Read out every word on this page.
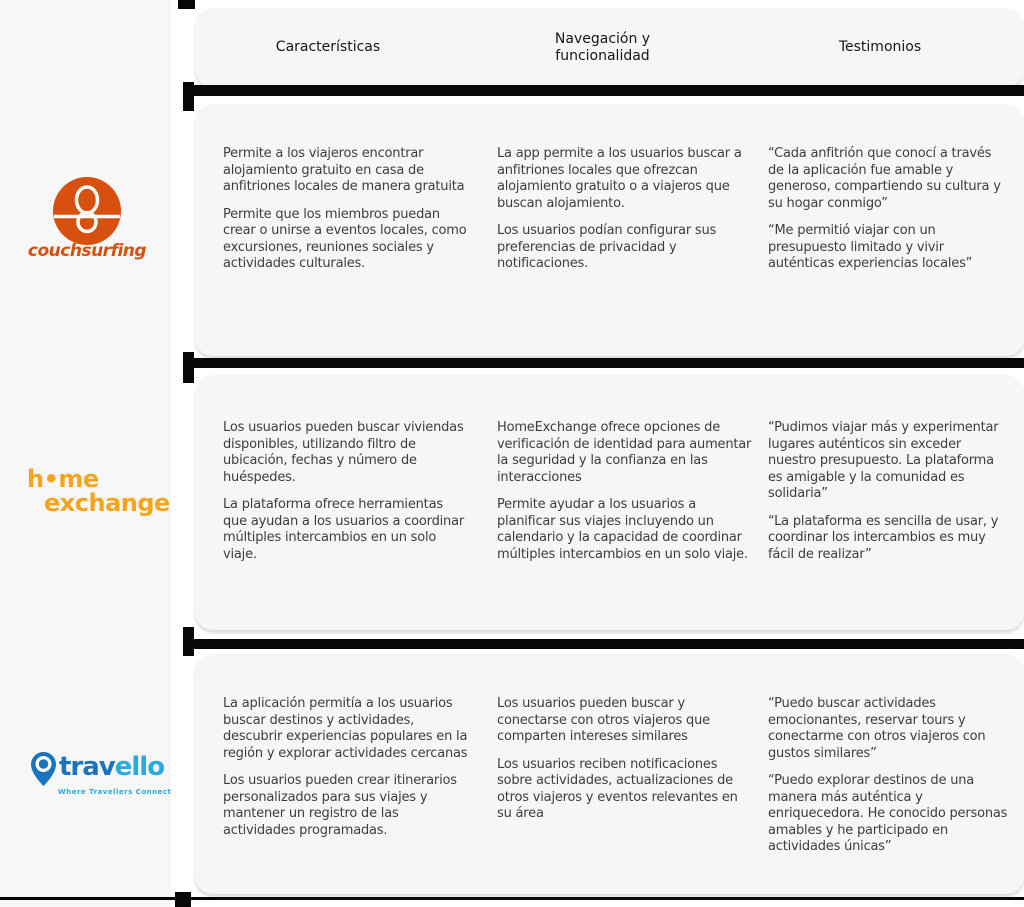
Características
Navegación y funcionalidad
Testimonios

Permite a los viajeros encontrar alojamiento gratuito en casa de anfitriones locales de manera gratuita

Permite que los miembros puedan crear o unirse a eventos locales, como excursiones, reuniones sociales y actividades culturales.

La app permite a los usuarios buscar a anfitriones locales que ofrezcan alojamiento gratuito o a viajeros que buscan alojamiento.

Los usuarios podían configurar sus preferencias de privacidad y notificaciones.

“Cada anfitrión que conocí a través de la aplicación fue amable y generoso, compartiendo su cultura y su hogar conmigo”

“Me permitió viajar con un presupuesto limitado y vivir auténticas experiencias locales”

Los usuarios pueden buscar viviendas disponibles, utilizando filtro de ubicación, fechas y número de huéspedes.

La plataforma ofrece herramientas que ayudan a los usuarios a coordinar múltiples intercambios en un solo viaje.

HomeExchange ofrece opciones de verificación de identidad para aumentar la seguridad y la confianza en las interacciones

Permite ayudar a los usuarios a planificar sus viajes incluyendo un calendario y la capacidad de coordinar múltiples intercambios en un solo viaje.

“Pudimos viajar más y experimentar lugares auténticos sin exceder nuestro presupuesto. La plataforma es amigable y la comunidad es solidaria”

“La plataforma es sencilla de usar, y coordinar los intercambios es muy fácil de realizar”

La aplicación permitía a los usuarios buscar destinos y actividades, descubrir experiencias populares en la región y explorar actividades cercanas

Los usuarios pueden crear itinerarios personalizados para sus viajes y mantener un registro de las actividades programadas.

Los usuarios pueden buscar y conectarse con otros viajeros que comparten intereses similares

Los usuarios reciben notificaciones sobre actividades, actualizaciones de otros viajeros y eventos relevantes en su área

“Puedo buscar actividades emocionantes, reservar tours y conectarme con otros viajeros con gustos similares”

“Puedo explorar destinos de una manera más auténtica y enriquecedora. He conocido personas amables y he participado en actividades únicas”

couchsurfing
h•me
exchange
travello
Where Travellers Connect
